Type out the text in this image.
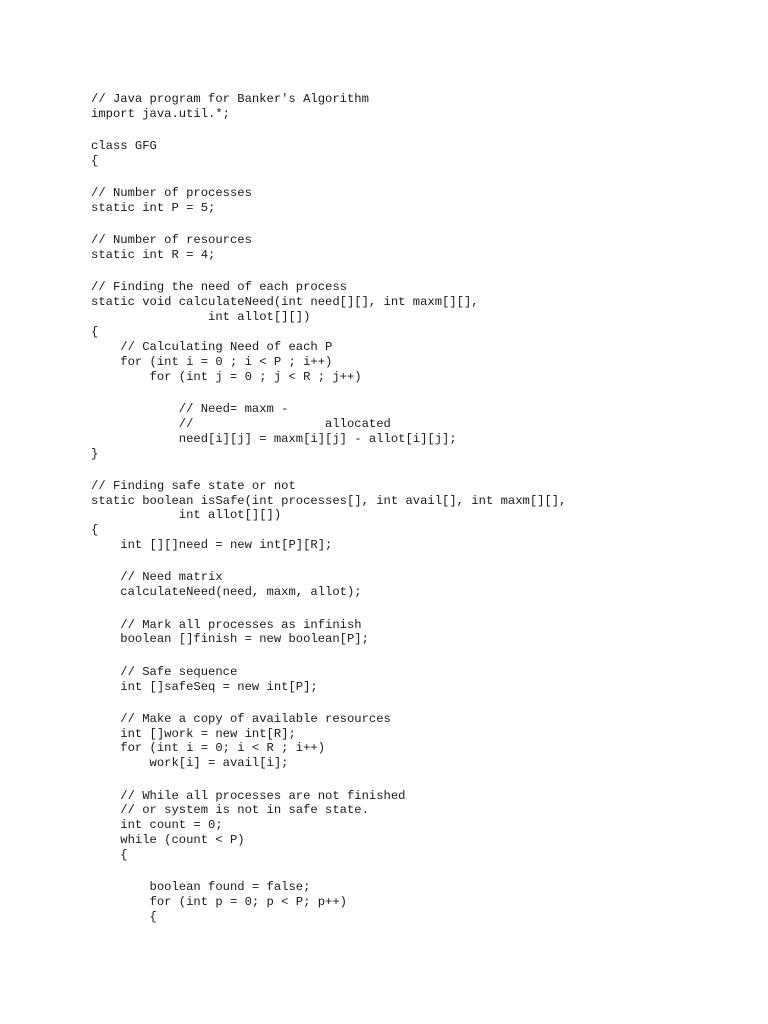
// Java program for Banker's Algorithm
import java.util.*;
class GFG
{
// Number of processes
static int P = 5;
// Number of resources
static int R = 4;
// Finding the need of each process
static void calculateNeed(int need[][], int maxm[][],
int allot[][])
{
// Calculating Need of each P
for (int i = 0 ; i < P ; i++)
for (int j = 0 ; j < R ; j++)
// Need= maxm -
//                  allocated
need[i][j] = maxm[i][j] - allot[i][j];
}
// Finding safe state or not
static boolean isSafe(int processes[], int avail[], int maxm[][],
int allot[][])
{
int [][]need = new int[P][R];
// Need matrix
calculateNeed(need, maxm, allot);
// Mark all processes as infinish
boolean []finish = new boolean[P];
// Safe sequence
int []safeSeq = new int[P];
// Make a copy of available resources
int []work = new int[R];
for (int i = 0; i < R ; i++)
work[i] = avail[i];
// While all processes are not finished
// or system is not in safe state.
int count = 0;
while (count < P)
{
boolean found = false;
for (int p = 0; p < P; p++)
{
